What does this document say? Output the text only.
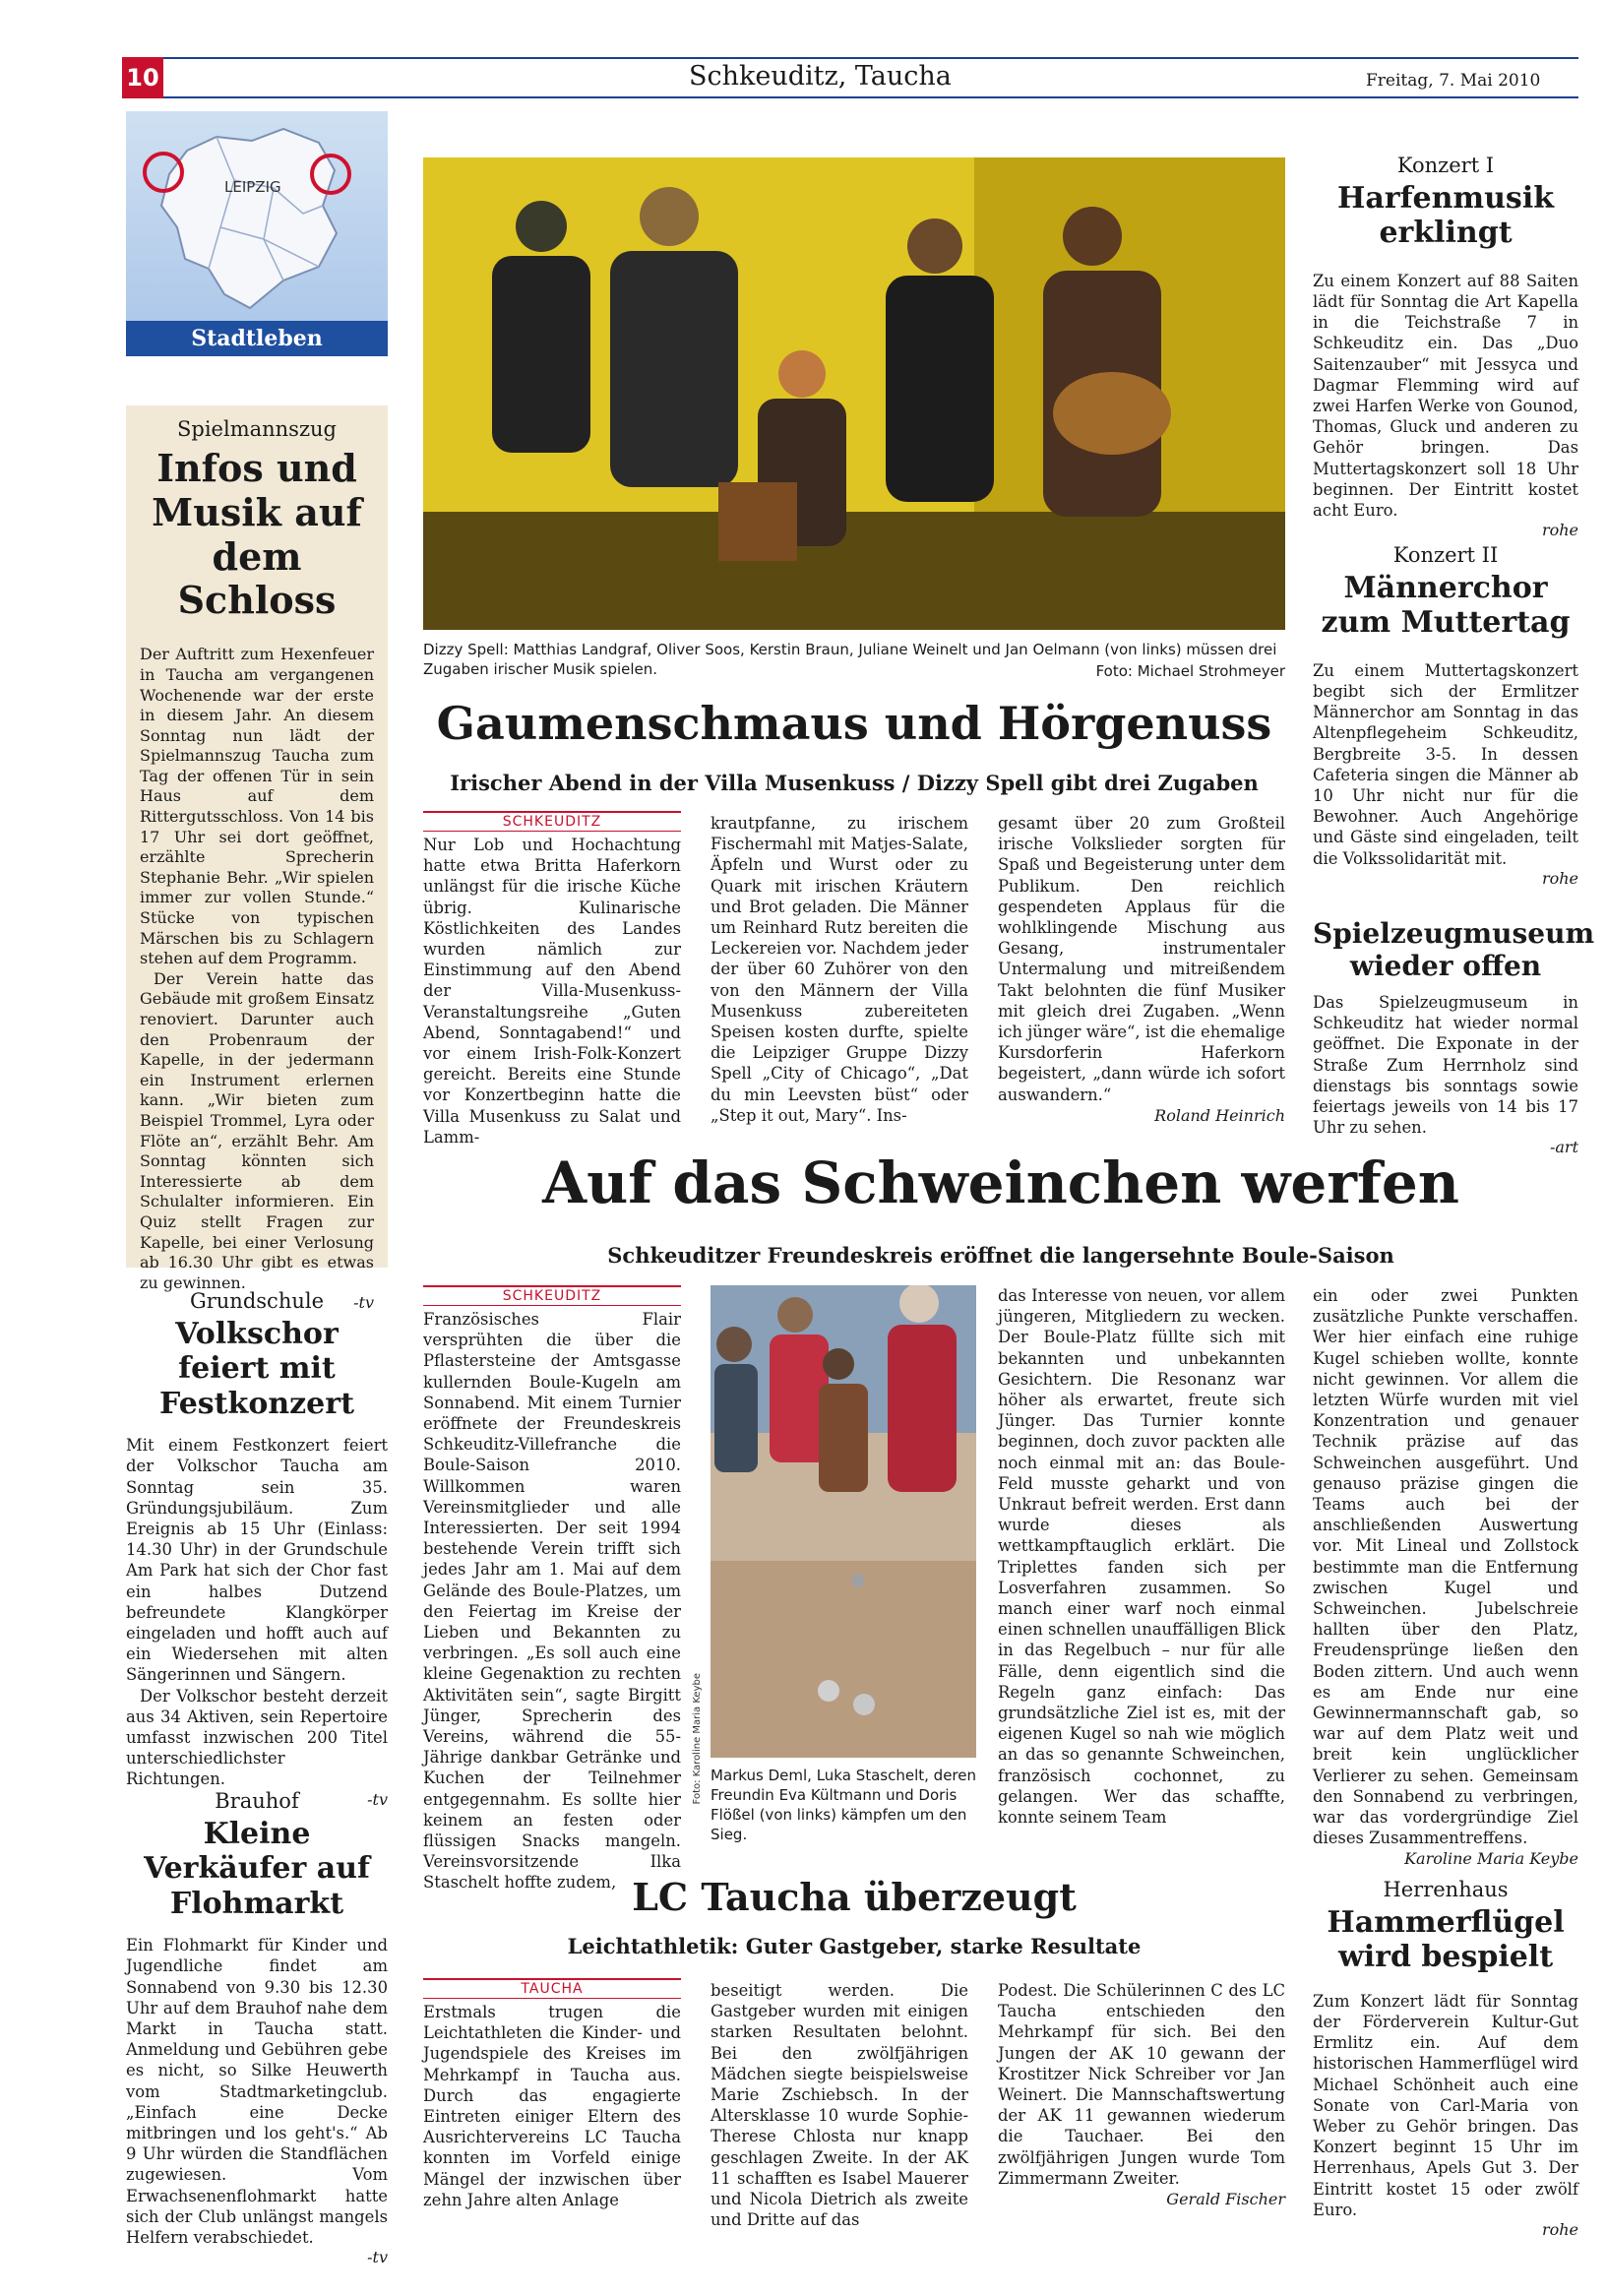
10	Schkeuditz, Taucha	Freitag, 7. Mai 2010
LEIPZIG
Stadtleben
Spielmannszug
Infos und Musik auf dem Schloss

Der Auftritt zum Hexenfeuer in Taucha am vergangenen Wochenende war der erste in diesem Jahr. An diesem Sonntag nun lädt der Spielmannszug Taucha zum Tag der offenen Tür in sein Haus auf dem Rittergutsschloss. Von 14 bis 17 Uhr sei dort geöffnet, erzählte Sprecherin Stephanie Behr. „Wir spielen immer zur vollen Stunde.“ Stücke von typischen Märschen bis zu Schlagern stehen auf dem Programm.

Der Verein hatte das Gebäude mit großem Einsatz renoviert. Darunter auch den Probenraum der Kapelle, in der jedermann ein Instrument erlernen kann. „Wir bieten zum Beispiel Trommel, Lyra oder Flöte an“, erzählt Behr. Am Sonntag könnten sich Interessierte ab dem Schulalter informieren. Ein Quiz stellt Fragen zur Kapelle, bei einer Verlosung ab 16.30 Uhr gibt es etwas zu gewinnen.

-tv
Grundschule
Volkschor feiert mit Festkonzert

Mit einem Festkonzert feiert der Volkschor Taucha am Sonntag sein 35. Gründungsjubiläum. Zum Ereignis ab 15 Uhr (Einlass: 14.30 Uhr) in der Grundschule Am Park hat sich der Chor fast ein halbes Dutzend befreundete Klangkörper eingeladen und hofft auch auf ein Wiedersehen mit alten Sängerinnen und Sängern.

Der Volkschor besteht derzeit aus 34 Aktiven, sein Repertoire umfasst inzwischen 200 Titel unterschiedlichster Richtungen.

-tv
Brauhof
Kleine Verkäufer auf Flohmarkt

Ein Flohmarkt für Kinder und Jugendliche findet am Sonnabend von 9.30 bis 12.30 Uhr auf dem Brauhof nahe dem Markt in Taucha statt. Anmeldung und Gebühren gebe es nicht, so Silke Heuwerth vom Stadtmarketingclub. „Einfach eine Decke mitbringen und los geht's.“ Ab 9 Uhr würden die Standflächen zugewiesen. Vom Erwachsenenflohmarkt hatte sich der Club unlängst mangels Helfern verabschiedet.

-tv
Dizzy Spell: Matthias Landgraf, Oliver Soos, Kerstin Braun, Juliane Weinelt und Jan Oelmann (von links) müssen drei Zugaben irischer Musik spielen.	Foto: Michael Strohmeyer
Gaumenschmaus und Hörgenuss
Irischer Abend in der Villa Musenkuss / Dizzy Spell gibt drei Zugaben
SCHKEUDITZ

Nur Lob und Hochachtung hatte etwa Britta Haferkorn unlängst für die irische Küche übrig. Kulinarische Köstlichkeiten des Landes wurden nämlich zur Einstimmung auf den Abend der Villa-Musenkuss-Veranstaltungsreihe „Guten Abend, Sonntagabend!“ und vor einem Irish-Folk-Konzert gereicht. Bereits eine Stunde vor Konzertbeginn hatte die Villa Musenkuss zu Salat und Lamm-

krautpfanne, zu irischem Fischermahl mit Matjes-Salate, Äpfeln und Wurst oder zu Quark mit irischen Kräutern und Brot geladen. Die Männer um Reinhard Rutz bereiten die Leckereien vor. Nachdem jeder der über 60 Zuhörer von den von den Männern der Villa Musenkuss zubereiteten Speisen kosten durfte, spielte die Leipziger Gruppe Dizzy Spell „City of Chicago“, „Dat du min Leevsten büst“ oder „Step it out, Mary“. Ins-

gesamt über 20 zum Großteil irische Volkslieder sorgten für Spaß und Begeisterung unter dem Publikum. Den reichlich gespendeten Applaus für die wohlklingende Mischung aus Gesang, instrumentaler Untermalung und mitreißendem Takt belohnten die fünf Musiker mit gleich drei Zugaben. „Wenn ich jünger wäre“, ist die ehemalige Kursdorferin Haferkorn begeistert, „dann würde ich sofort auswandern.“

Roland Heinrich
Konzert I
Harfenmusik erklingt

Zu einem Konzert auf 88 Saiten lädt für Sonntag die Art Kapella in die Teichstraße 7 in Schkeuditz ein. Das „Duo Saitenzauber“ mit Jessyca und Dagmar Flemming wird auf zwei Harfen Werke von Gounod, Thomas, Gluck und anderen zu Gehör bringen. Das Muttertagskonzert soll 18 Uhr beginnen. Der Eintritt kostet acht Euro.

rohe
Konzert II
Männerchor zum Muttertag

Zu einem Muttertagskonzert begibt sich der Ermlitzer Männerchor am Sonntag in das Altenpflegeheim Schkeuditz, Bergbreite 3-5. In dessen Cafeteria singen die Männer ab 10 Uhr nicht nur für die Bewohner. Auch Angehörige und Gäste sind eingeladen, teilt die Volkssolidarität mit.

rohe
Spielzeugmuseum wieder offen

Das Spielzeugmuseum in Schkeuditz hat wieder normal geöffnet. Die Exponate in der Straße Zum Herrnholz sind dienstags bis sonntags sowie feiertags jeweils von 14 bis 17 Uhr zu sehen.

-art
Auf das Schweinchen werfen
Schkeuditzer Freundeskreis eröffnet die langersehnte Boule-Saison
SCHKEUDITZ

Französisches Flair versprühten die über die Pflastersteine der Amtsgasse kullernden Boule-Kugeln am Sonnabend. Mit einem Turnier eröffnete der Freundeskreis Schkeuditz-Villefranche die Boule-Saison 2010. Willkommen waren Vereinsmitglieder und alle Interessierten. Der seit 1994 bestehende Verein trifft sich jedes Jahr am 1. Mai auf dem Gelände des Boule-Platzes, um den Feiertag im Kreise der Lieben und Bekannten zu verbringen. „Es soll auch eine kleine Gegenaktion zu rechten Aktivitäten sein“, sagte Birgitt Jünger, Sprecherin des Vereins, während die 55-Jährige dankbar Getränke und Kuchen der Teilnehmer entgegennahm. Es sollte hier keinem an festen oder flüssigen Snacks mangeln. Vereinsvorsitzende Ilka Staschelt hoffte zudem,

Foto: Karoline Maria Keybe Markus Deml, Luka Staschelt, deren Freundin Eva Kültmann und Doris Flößel (von links) kämpfen um den Sieg.

das Interesse von neuen, vor allem jüngeren, Mitgliedern zu wecken. Der Boule-Platz füllte sich mit bekannten und unbekannten Gesichtern. Die Resonanz war höher als erwartet, freute sich Jünger. Das Turnier konnte beginnen, doch zuvor packten alle noch einmal mit an: das Boule-Feld musste geharkt und von Unkraut befreit werden. Erst dann wurde dieses als wettkampftauglich erklärt. Die Triplettes fanden sich per Losverfahren zusammen. So manch einer warf noch einmal einen schnellen unauffälligen Blick in das Regelbuch – nur für alle Fälle, denn eigentlich sind die Regeln ganz einfach: Das grundsätzliche Ziel ist es, mit der eigenen Kugel so nah wie möglich an das so genannte Schweinchen, französisch cochonnet, zu gelangen. Wer das schaffte, konnte seinem Team

ein oder zwei Punkten zusätzliche Punkte verschaffen. Wer hier einfach eine ruhige Kugel schieben wollte, konnte nicht gewinnen. Vor allem die letzten Würfe wurden mit viel Konzentration und genauer Technik präzise auf das Schweinchen ausgeführt. Und genauso präzise gingen die Teams auch bei der anschließenden Auswertung vor. Mit Lineal und Zollstock bestimmte man die Entfernung zwischen Kugel und Schweinchen. Jubelschreie hallten über den Platz, Freudensprünge ließen den Boden zittern. Und auch wenn es am Ende nur eine Gewinnermannschaft gab, so war auf dem Platz weit und breit kein unglücklicher Verlierer zu sehen. Gemeinsam den Sonnabend zu verbringen, war das vordergründige Ziel dieses Zusammentreffens.

Karoline Maria Keybe
LC Taucha überzeugt
Leichtathletik: Guter Gastgeber, starke Resultate
TAUCHA

Erstmals trugen die Leichtathleten die Kinder- und Jugendspiele des Kreises im Mehrkampf in Taucha aus. Durch das engagierte Eintreten einiger Eltern des Ausrichtervereins LC Taucha konnten im Vorfeld einige Mängel der inzwischen über zehn Jahre alten Anlage

beseitigt werden. Die Gastgeber wurden mit einigen starken Resultaten belohnt. Bei den zwölfjährigen Mädchen siegte beispielsweise Marie Zschiebsch. In der Altersklasse 10 wurde Sophie-Therese Chlosta nur knapp geschlagen Zweite. In der AK 11 schafften es Isabel Mauerer und Nicola Dietrich als zweite und Dritte auf das

Podest. Die Schülerinnen C des LC Taucha entschieden den Mehrkampf für sich. Bei den Jungen der AK 10 gewann der Krostitzer Nick Schreiber vor Jan Weinert. Die Mannschaftswertung der AK 11 gewannen wiederum die Tauchaer. Bei den zwölfjährigen Jungen wurde Tom Zimmermann Zweiter.

Gerald Fischer
Herrenhaus
Hammerflügel wird bespielt

Zum Konzert lädt für Sonntag der Förderverein Kultur-Gut Ermlitz ein. Auf dem historischen Hammerflügel wird Michael Schönheit auch eine Sonate von Carl-Maria von Weber zu Gehör bringen. Das Konzert beginnt 15 Uhr im Herrenhaus, Apels Gut 3. Der Eintritt kostet 15 oder zwölf Euro.

rohe
